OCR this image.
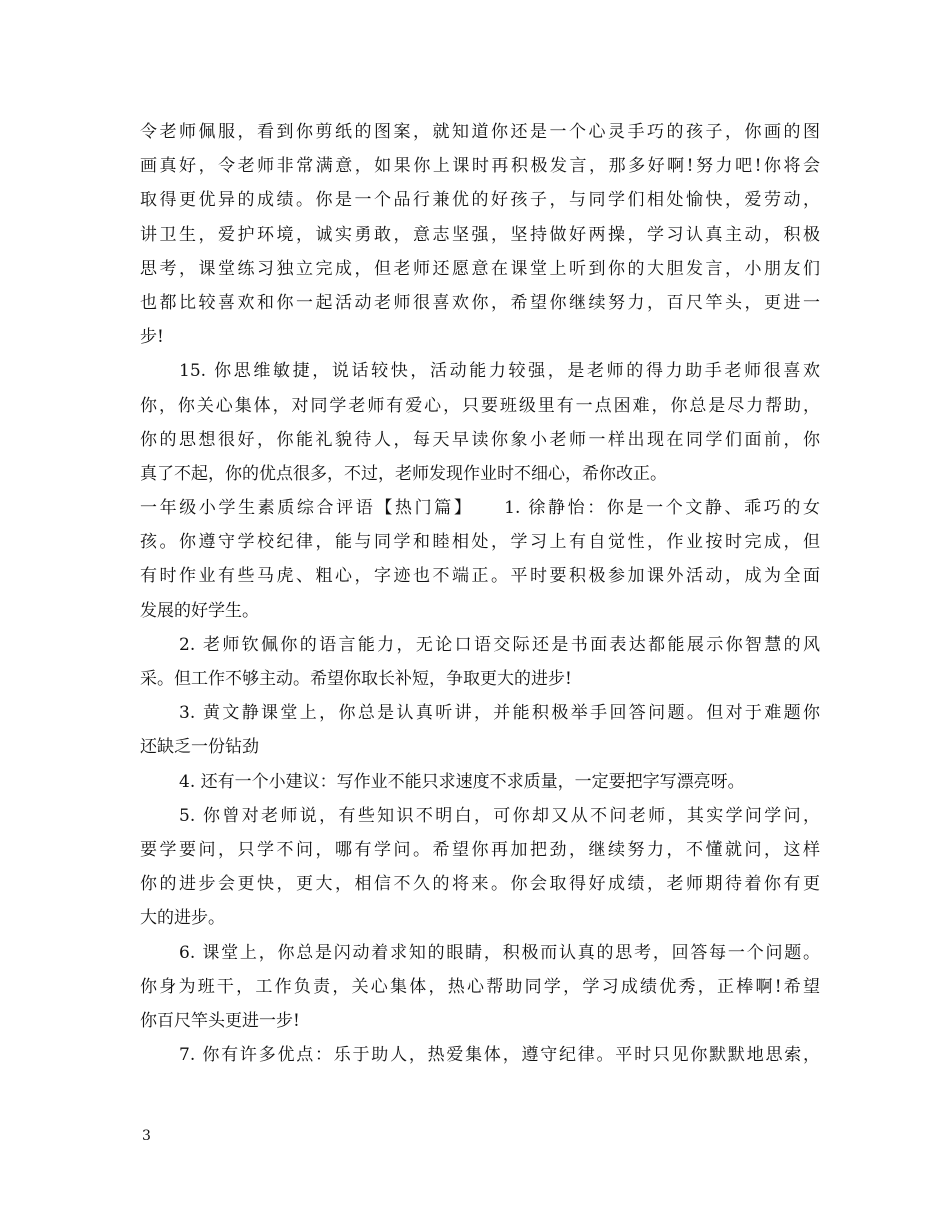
令老师佩服，看到你剪纸的图案，就知道你还是一个心灵手巧的孩子，你画的图
画真好，令老师非常满意，如果你上课时再积极发言，那多好啊!努力吧!你将会
取得更优异的成绩。你是一个品行兼优的好孩子，与同学们相处愉快，爱劳动，
讲卫生，爱护环境，诚实勇敢，意志坚强，坚持做好两操，学习认真主动，积极
思考，课堂练习独立完成，但老师还愿意在课堂上听到你的大胆发言，小朋友们
也都比较喜欢和你一起活动老师很喜欢你，希望你继续努力，百尺竿头，更进一
步!
15. 你思维敏捷，说话较快，活动能力较强，是老师的得力助手老师很喜欢
你，你关心集体，对同学老师有爱心，只要班级里有一点困难，你总是尽力帮助，
你的思想很好，你能礼貌待人，每天早读你象小老师一样出现在同学们面前，你
真了不起，你的优点很多，不过，老师发现作业时不细心，希你改正。
一年级小学生素质综合评语【热门篇】　　1. 徐静怡：你是一个文静、乖巧的女
孩。你遵守学校纪律，能与同学和睦相处，学习上有自觉性，作业按时完成，但
有时作业有些马虎、粗心，字迹也不端正。平时要积极参加课外活动，成为全面
发展的好学生。
2. 老师钦佩你的语言能力，无论口语交际还是书面表达都能展示你智慧的风
采。但工作不够主动。希望你取长补短，争取更大的进步!
3. 黄文静课堂上，你总是认真听讲，并能积极举手回答问题。但对于难题你
还缺乏一份钻劲
4. 还有一个小建议：写作业不能只求速度不求质量，一定要把字写漂亮呀。
5. 你曾对老师说，有些知识不明白，可你却又从不问老师，其实学问学问，
要学要问，只学不问，哪有学问。希望你再加把劲，继续努力，不懂就问，这样
你的进步会更快，更大，相信不久的将来。你会取得好成绩，老师期待着你有更
大的进步。
6. 课堂上，你总是闪动着求知的眼睛，积极而认真的思考，回答每一个问题。
你身为班干，工作负责，关心集体，热心帮助同学，学习成绩优秀，正棒啊!希望
你百尺竿头更进一步!
7. 你有许多优点：乐于助人，热爱集体，遵守纪律。平时只见你默默地思索，
3
